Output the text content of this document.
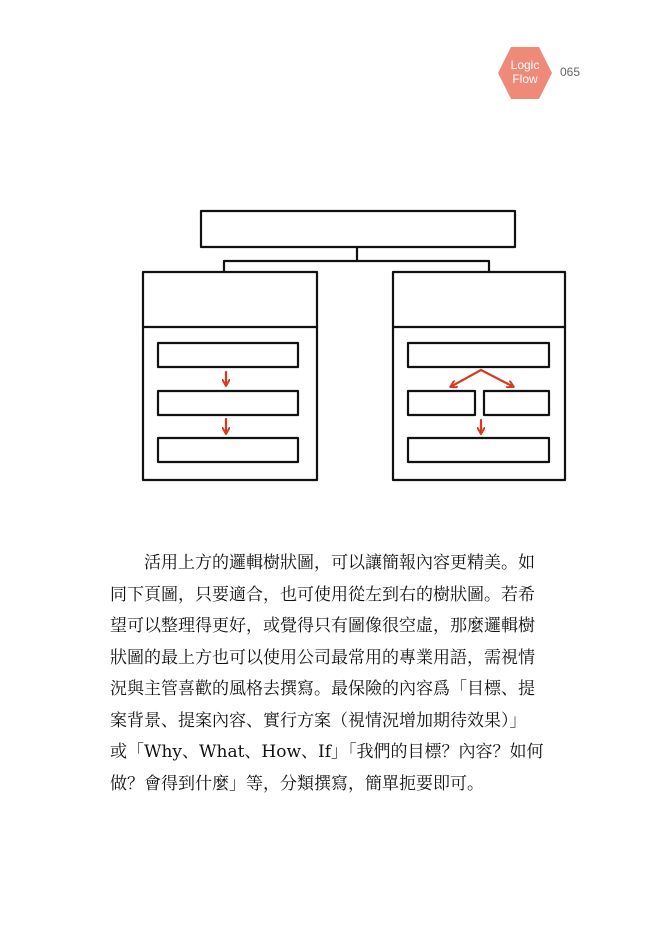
Logic
Flow	065

　　活用上方的邏輯樹狀圖，可以讓簡報內容更精美。如

同下頁圖，只要適合，也可使用從左到右的樹狀圖。若希

望可以整理得更好，或覺得只有圖像很空虛，那麼邏輯樹

狀圖的最上方也可以使用公司最常用的專業用語，需視情

況與主管喜歡的風格去撰寫。最保險的內容爲「目標、提

案背景、提案內容、實行方案（視情況增加期待效果）」

或「Why、What、How、If」「我們的目標？內容？如何

做？會得到什麼」等，分類撰寫，簡單扼要即可。
